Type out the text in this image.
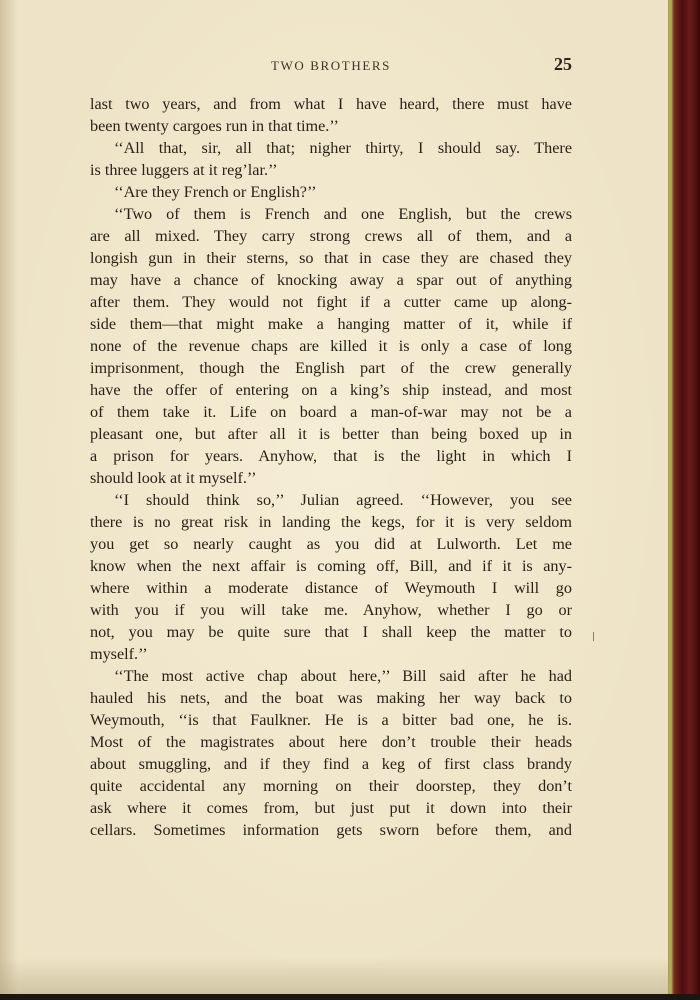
TWO BROTHERS	25
last two years, and from what I have heard, there must have
been twenty cargoes run in that time.’’
‘‘All that, sir, all that; nigher thirty, I should say. There
is three luggers at it reg’lar.’’
‘‘Are they French or English?’’
‘‘Two of them is French and one English, but the crews
are all mixed. They carry strong crews all of them, and a
longish gun in their sterns, so that in case they are chased they
may have a chance of knocking away a spar out of anything
after them. They would not fight if a cutter came up along-
side them—that might make a hanging matter of it, while if
none of the revenue chaps are killed it is only a case of long
imprisonment, though the English part of the crew generally
have the offer of entering on a king’s ship instead, and most
of them take it. Life on board a man-of-war may not be a
pleasant one, but after all it is better than being boxed up in
a prison for years. Anyhow, that is the light in which I
should look at it myself.’’
‘‘I should think so,’’ Julian agreed. ‘‘However, you see
there is no great risk in landing the kegs, for it is very seldom
you get so nearly caught as you did at Lulworth. Let me
know when the next affair is coming off, Bill, and if it is any-
where within a moderate distance of Weymouth I will go
with you if you will take me. Anyhow, whether I go or
not, you may be quite sure that I shall keep the matter to
myself.’’
‘‘The most active chap about here,’’ Bill said after he had
hauled his nets, and the boat was making her way back to
Weymouth, ‘‘is that Faulkner. He is a bitter bad one, he is.
Most of the magistrates about here don’t trouble their heads
about smuggling, and if they find a keg of first class brandy
quite accidental any morning on their doorstep, they don’t
ask where it comes from, but just put it down into their
cellars. Sometimes information gets sworn before them, and
